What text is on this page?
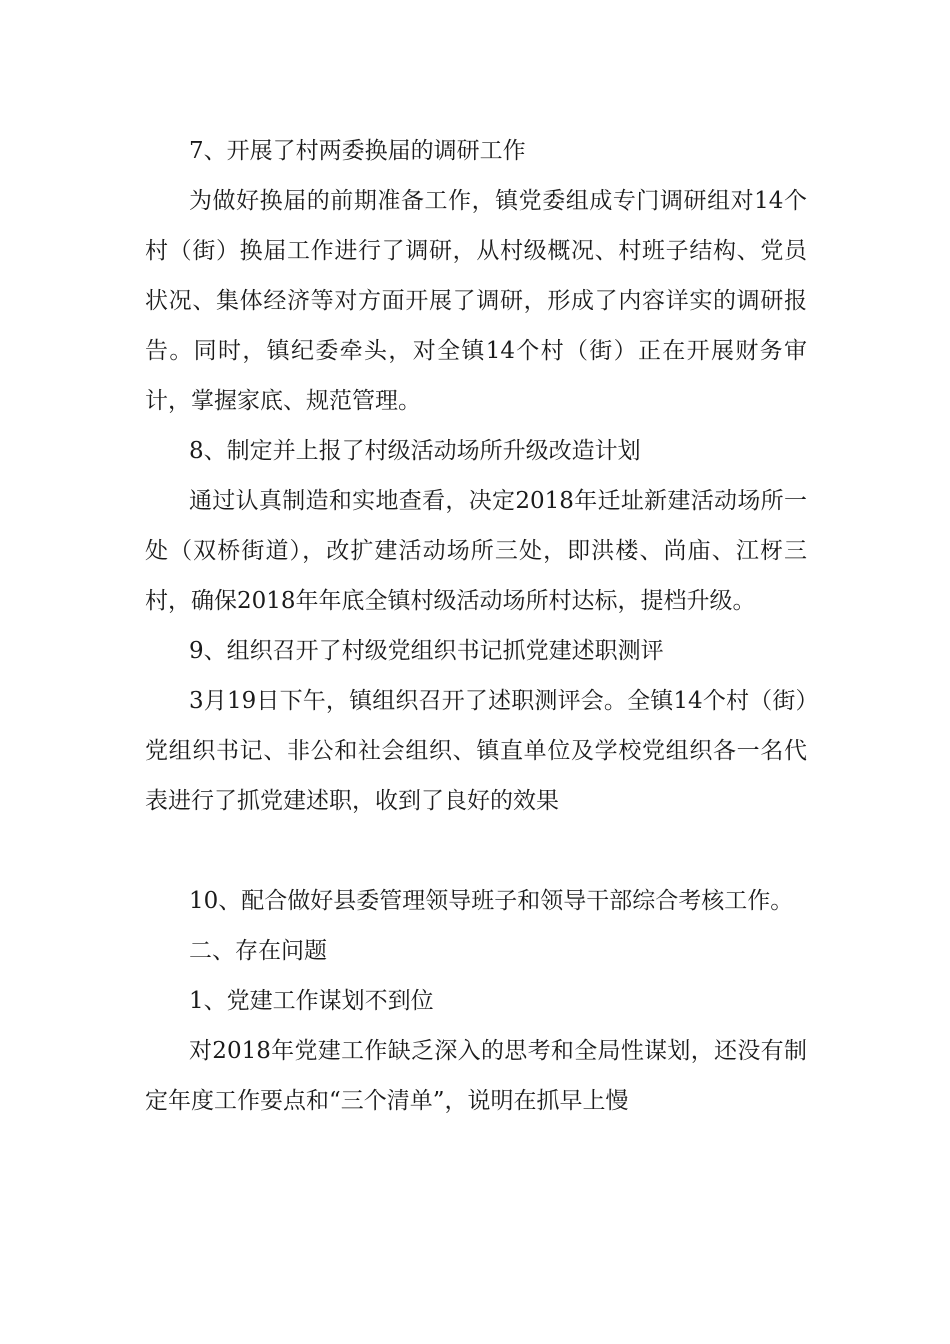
7、开展了村两委换届的调研工作

为做好换届的前期准备工作，镇党委组成专门调研组对14个村（街）换届工作进行了调研，从村级概况、村班子结构、党员状况、集体经济等对方面开展了调研，形成了内容详实的调研报告。同时，镇纪委牵头，对全镇14个村（街）正在开展财务审计，掌握家底、规范管理。

8、制定并上报了村级活动场所升级改造计划

通过认真制造和实地查看，决定2018年迁址新建活动场所一处（双桥街道），改扩建活动场所三处，即洪楼、尚庙、江枒三村，确保2018年年底全镇村级活动场所村达标，提档升级。

9、组织召开了村级党组织书记抓党建述职测评

3月19日下午，镇组织召开了述职测评会。全镇14个村（街）党组织书记、非公和社会组织、镇直单位及学校党组织各一名代表进行了抓党建述职，收到了良好的效果

10、配合做好县委管理领导班子和领导干部综合考核工作。

二、存在问题

1、党建工作谋划不到位

对2018年党建工作缺乏深入的思考和全局性谋划，还没有制定年度工作要点和“三个清单”，说明在抓早上慢
